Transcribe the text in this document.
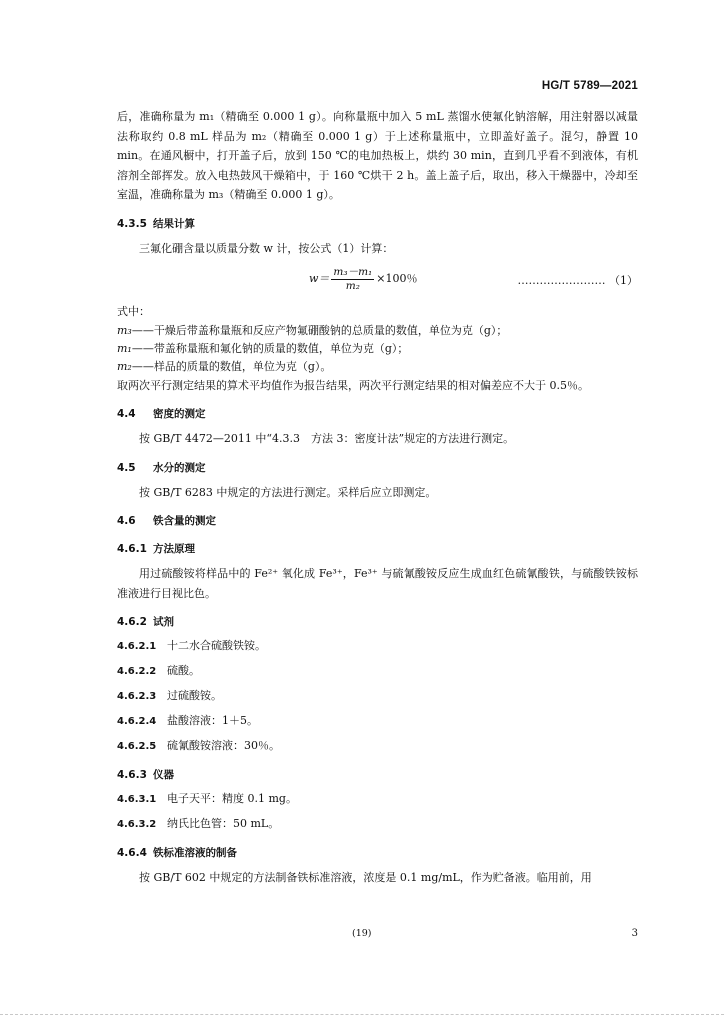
HG/T 5789—2021

后，准确称量为 m₁（精确至 0.000 1 g）。向称量瓶中加入 5 mL 蒸馏水使氟化钠溶解，用注射器以减量法称取约 0.8 mL 样品为 m₂（精确至 0.000 1 g）于上述称量瓶中，立即盖好盖子。混匀，静置 10 min。在通风橱中，打开盖子后，放到 150 ℃的电加热板上，烘约 30 min，直到几乎看不到液体，有机溶剂全部挥发。放入电热鼓风干燥箱中，于 160 ℃烘干 2 h。盖上盖子后，取出，移入干燥器中，冷却至室温，准确称量为 m₃（精确至 0.000 1 g）。

4.3.5 结果计算

三氟化硼含量以质量分数 w 计，按公式（1）计算：

$w= \frac{\text{m₃－m₁}}{\text{m₂}} \times 100$％	…………………… （1）

式中：

m₃——干燥后带盖称量瓶和反应产物氟硼酸钠的总质量的数值，单位为克（g）；

m₁——带盖称量瓶和氟化钠的质量的数值，单位为克（g）；

m₂——样品的质量的数值，单位为克（g）。

取两次平行测定结果的算术平均值作为报告结果，两次平行测定结果的相对偏差应不大于 0.5％。

4.4 密度的测定

按 GB/T 4472—2011 中“4.3.3　方法 3：密度计法”规定的方法进行测定。

4.5 水分的测定

按 GB/T 6283 中规定的方法进行测定。采样后应立即测定。

4.6 铁含量的测定

4.6.1 方法原理

用过硫酸铵将样品中的 Fe²⁺ 氧化成 Fe³⁺，Fe³⁺ 与硫氰酸铵反应生成血红色硫氰酸铁，与硫酸铁铵标准液进行目视比色。

4.6.2 试剂

4.6.2.1 十二水合硫酸铁铵。

4.6.2.2 硫酸。

4.6.2.3 过硫酸铵。

4.6.2.4 盐酸溶液：1＋5。

4.6.2.5 硫氰酸铵溶液：30％。

4.6.3 仪器

4.6.3.1 电子天平：精度 0.1 mg。

4.6.3.2 纳氏比色管：50 mL。

4.6.4 铁标准溶液的制备

按 GB/T 602 中规定的方法制备铁标准溶液，浓度是 0.1 mg/mL，作为贮备液。临用前，用

(19)	3
